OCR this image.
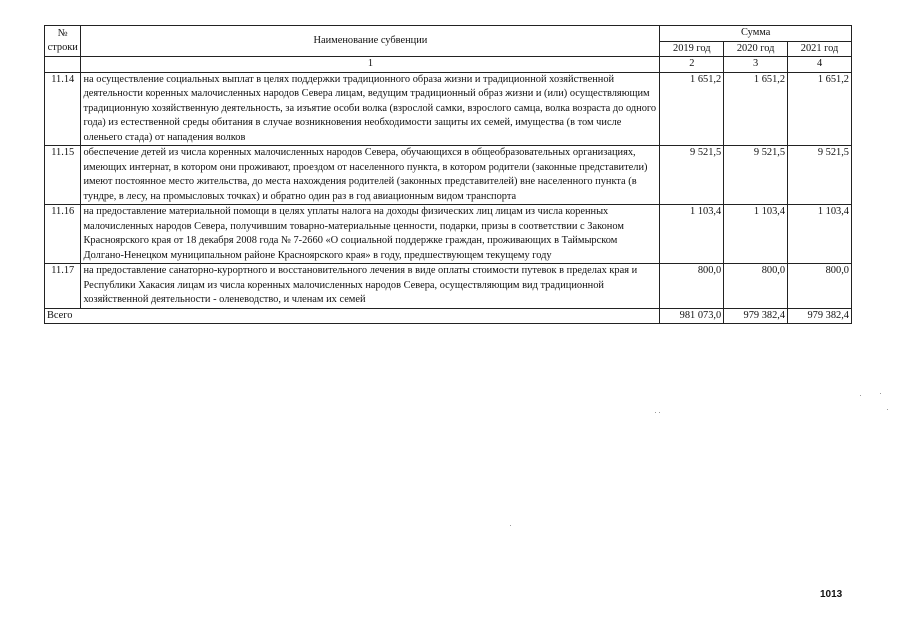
№
строки	Наименование субвенции	Сумма		
		2019 год	2020 год	2021 год
	1	2	3	4
11.14	на осуществление социальных выплат в целях поддержки традиционного образа жизни и традиционной хозяйственной деятельности коренных малочисленных народов Севера лицам, ведущим традиционный образ жизни и (или) осуществляющим традиционную хозяйственную деятельность, за изъятие особи волка (взрослой самки, взрослого самца, волка возраста до одного года) из естественной среды обитания в случае возникновения необходимости защиты их семей, имущества (в том числе оленьего стада) от нападения волков	1 651,2	1 651,2	1 651,2
11.15	обеспечение детей из числа коренных малочисленных народов Севера, обучающихся в общеобразовательных организациях, имеющих интернат, в котором они проживают, проездом от населенного пункта, в котором родители (законные представители) имеют постоянное место жительства, до места нахождения родителей (законных представителей) вне населенного пункта (в тундре, в лесу, на промысловых точках) и обратно один раз в год авиационным видом транспорта	9 521,5	9 521,5	9 521,5
11.16	на предоставление материальной помощи в целях уплаты налога на доходы физических лиц лицам из числа коренных малочисленных народов Севера, получившим товарно-материальные ценности, подарки, призы в соответствии с Законом Красноярского края от 18 декабря 2008 года № 7-2660 «О социальной поддержке граждан, проживающих в Таймырском Долгано-Ненецком муниципальном районе Красноярского края» в году, предшествующем текущему году	1 103,4	1 103,4	1 103,4
11.17	на предоставление санаторно-курортного и восстановительного лечения в виде оплаты стоимости путевок в пределах края и Республики Хакасия лицам из числа коренных малочисленных народов Севера, осуществляющим вид традиционной хозяйственной деятельности - оленеводство, и членам их семей	800,0	800,0	800,0
Всего		981 073,0	979 382,4	979 382,4
1013
